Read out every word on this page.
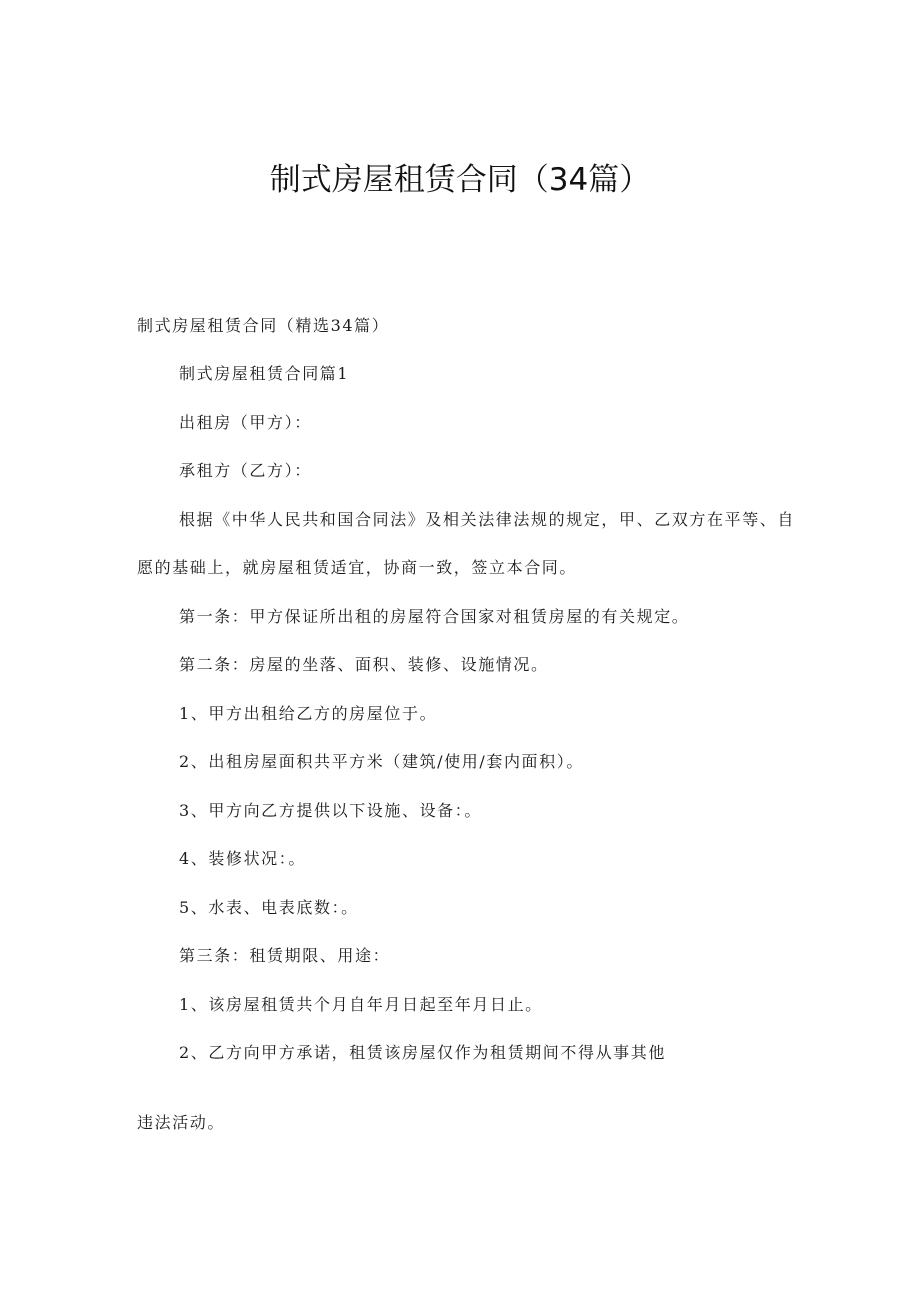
制式房屋租赁合同（34篇）
制式房屋租赁合同（精选34篇）
制式房屋租赁合同篇1
出租房（甲方）：
承租方（乙方）：
根据《中华人民共和国合同法》及相关法律法规的规定，甲、乙双方在平等、自
愿的基础上，就房屋租赁适宜，协商一致，签立本合同。
第一条：甲方保证所出租的房屋符合国家对租赁房屋的有关规定。
第二条：房屋的坐落、面积、装修、设施情况。
1、甲方出租给乙方的房屋位于。
2、出租房屋面积共平方米（建筑/使用/套内面积）。
3、甲方向乙方提供以下设施、设备：。
4、装修状况：。
5、水表、电表底数：。
第三条：租赁期限、用途：
1、该房屋租赁共个月自年月日起至年月日止。
2、乙方向甲方承诺，租赁该房屋仅作为租赁期间不得从事其他
违法活动。
